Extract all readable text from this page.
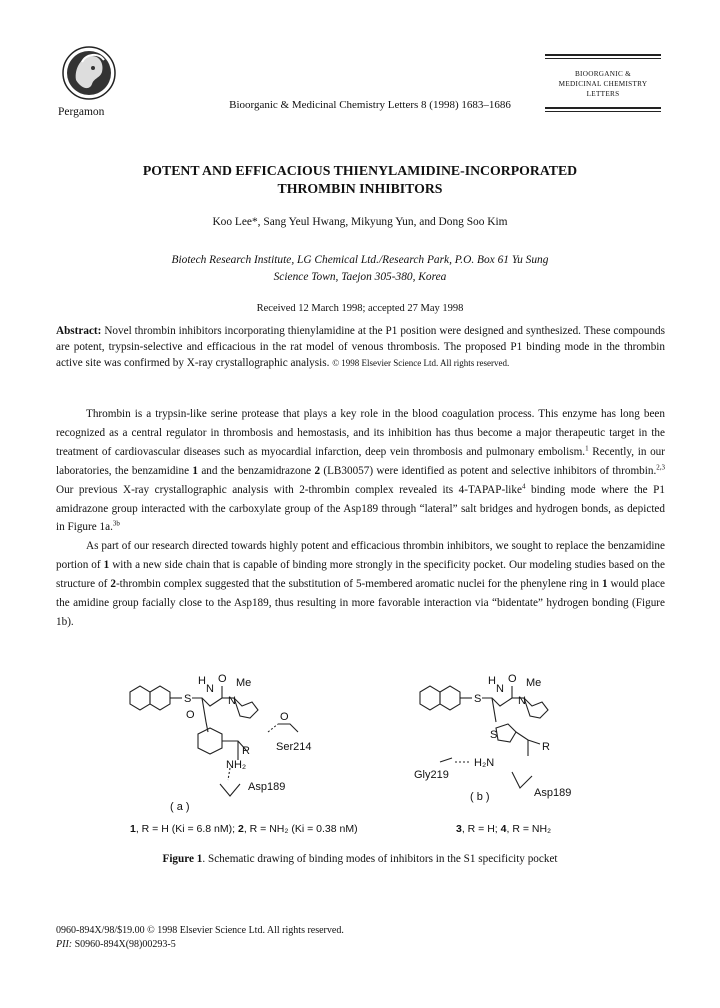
Pergamon
Bioorganic & Medicinal Chemistry Letters 8 (1998) 1683–1686
BIOORGANIC &
MEDICINAL CHEMISTRY
LETTERS
POTENT AND EFFICACIOUS THIENYLAMIDINE-INCORPORATED
THROMBIN INHIBITORS
Koo Lee*, Sang Yeul Hwang, Mikyung Yun, and Dong Soo Kim
Biotech Research Institute, LG Chemical Ltd./Research Park, P.O. Box 61 Yu Sung
Science Town, Taejon 305-380, Korea
Received 12 March 1998; accepted 27 May 1998
Abstract: Novel thrombin inhibitors incorporating thienylamidine at the P1 position were designed and synthesized. These compounds are potent, trypsin-selective and efficacious in the rat model of venous thrombosis. The proposed P1 binding mode in the thrombin active site was confirmed by X-ray crystallographic analysis. © 1998 Elsevier Science Ltd. All rights reserved.

Thrombin is a trypsin-like serine protease that plays a key role in the blood coagulation process. This enzyme has long been recognized as a central regulator in thrombosis and hemostasis, and its inhibition has thus become a major therapeutic target in the treatment of cardiovascular diseases such as myocardial infarction, deep vein thrombosis and pulmonary embolism.$^1$ Recently, in our laboratories, the benzamidine 1 and the benzamidrazone 2 (LB30057) were identified as potent and selective inhibitors of thrombin.$^{2,3}$ Our previous X-ray crystallographic analysis with 2-thrombin complex revealed its 4-TAPAP-like$^4$ binding mode where the P1 amidrazone group interacted with the carboxylate group of the Asp189 through “lateral” salt bridges and hydrogen bonds, as depicted in Figure 1a.$^{3b}$

As part of our research directed towards highly potent and efficacious thrombin inhibitors, we sought to replace the benzamidine portion of 1 with a new side chain that is capable of binding more strongly in the specificity pocket. Our modeling studies based on the structure of 2-thrombin complex suggested that the substitution of 5-membered aromatic nuclei for the phenylene ring in 1 would place the amidine group facially close to the Asp189, thus resulting in more favorable interaction via “bidentate” hydrogen bonding (Figure 1b).

S
N
H O Me
N
O
R
O
Ser214
NH₂
Asp189
( a )
S
N
H O Me
N
S
R
H₂N
Gly219
Asp189
( b )
1, R = H (Ki = 6.8 nM); 2, R = NH₂ (Ki = 0.38 nM)	3, R = H; 4, R = NH₂
Figure 1. Schematic drawing of binding modes of inhibitors in the S1 specificity pocket
0960-894X/98/$19.00 © 1998 Elsevier Science Ltd. All rights reserved.
PII: S0960-894X(98)00293-5
